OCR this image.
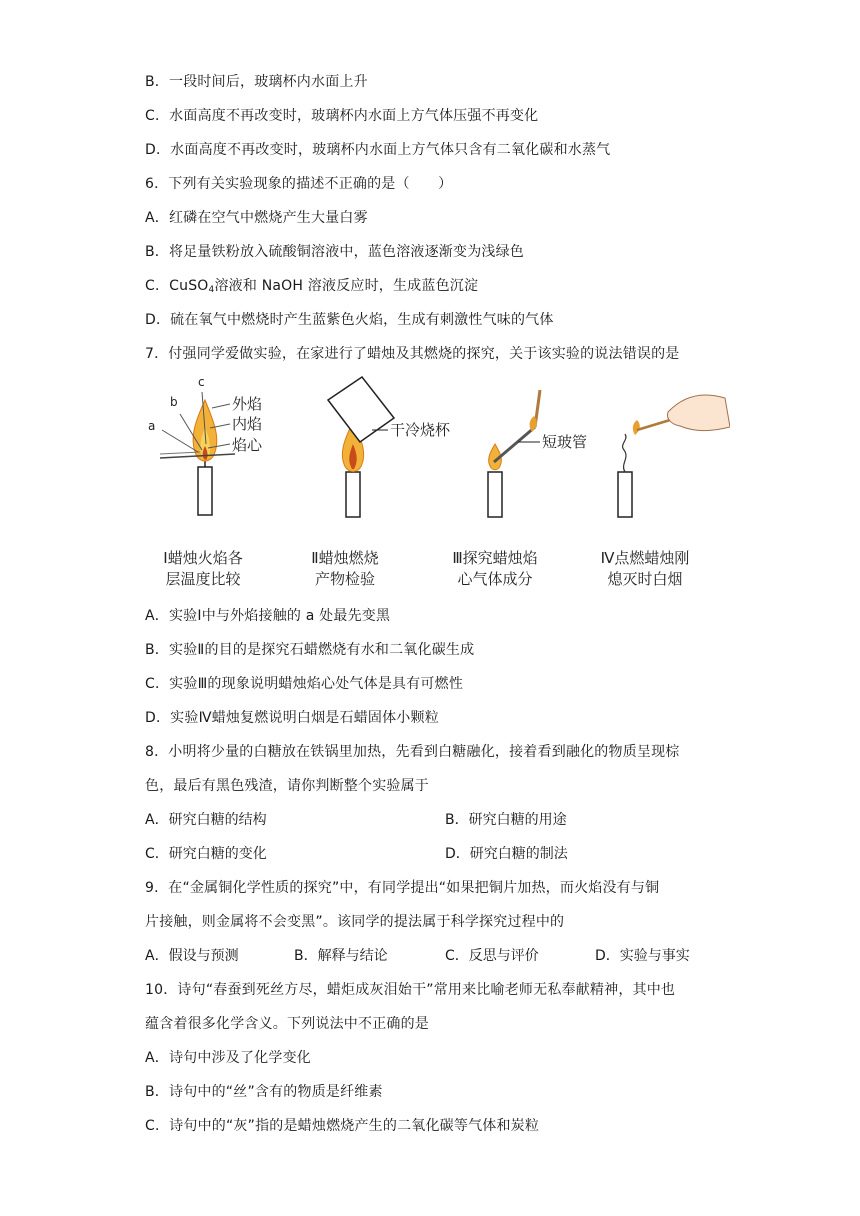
B．一段时间后，玻璃杯内水面上升
C．水面高度不再改变时，玻璃杯内水面上方气体压强不再变化
D．水面高度不再改变时，玻璃杯内水面上方气体只含有二氧化碳和水蒸气
6．下列有关实验现象的描述不正确的是（　　）
A．红磷在空气中燃烧产生大量白雾
B．将足量铁粉放入硫酸铜溶液中，蓝色溶液逐渐变为浅绿色
C．CuSO$_4$溶液和 NaOH 溶液反应时，生成蓝色沉淀
D．硫在氧气中燃烧时产生蓝紫色火焰，生成有刺激性气味的气体
7．付强同学爱做实验，在家进行了蜡烛及其燃烧的探究，关于该实验的说法错误的是
a
b
c
外焰
内焰
焰心
干冷烧杯
短玻管
Ⅰ蜡烛火焰各
层温度比较
Ⅱ蜡烛燃烧
产物检验
Ⅲ探究蜡烛焰
心气体成分
Ⅳ点燃蜡烛刚
熄灭时白烟
A．实验Ⅰ中与外焰接触的 a 处最先变黑
B．实验Ⅱ的目的是探究石蜡燃烧有水和二氧化碳生成
C．实验Ⅲ的现象说明蜡烛焰心处气体是具有可燃性
D．实验Ⅳ蜡烛复燃说明白烟是石蜡固体小颗粒
8．小明将少量的白糖放在铁锅里加热，先看到白糖融化，接着看到融化的物质呈现棕
色，最后有黑色残渣，请你判断整个实验属于
A．研究白糖的结构	B．研究白糖的用途
C．研究白糖的变化	D．研究白糖的制法
9．在“金属铜化学性质的探究”中，有同学提出“如果把铜片加热，而火焰没有与铜
片接触，则金属将不会变黑”。该同学的提法属于科学探究过程中的
A．假设与预测	B．解释与结论	C．反思与评价	D．实验与事实
10．诗句“春蚕到死丝方尽，蜡炬成灰泪始干”常用来比喻老师无私奉献精神，其中也
蕴含着很多化学含义。下列说法中不正确的是
A．诗句中涉及了化学变化
B．诗句中的“丝”含有的物质是纤维素
C．诗句中的“灰”指的是蜡烛燃烧产生的二氧化碳等气体和炭粒
